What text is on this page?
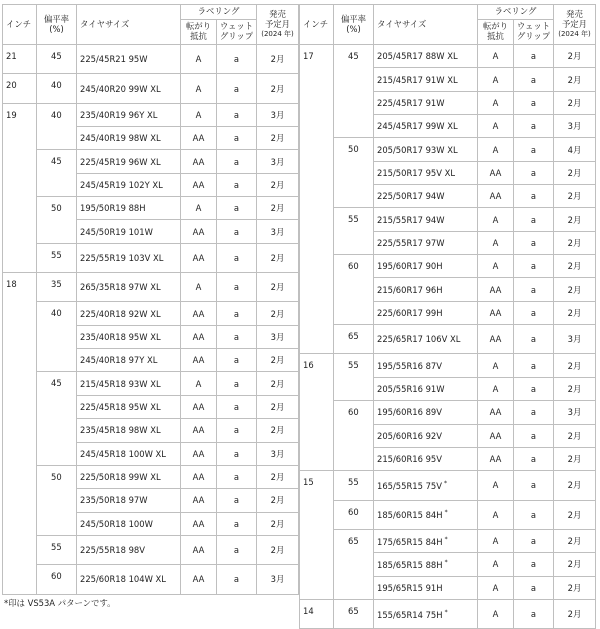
インチ	偏平率
(%)	タイヤサイズ	ラベリング		発売
予定月
(2024 年)
			転がり
抵抗	ウェット
グリップ	
21	45	225/45R21 95W	A	a	2月
20	40	245/40R20 99W XL	A	a	2月
19	40	235/40R19 96Y XL	A	a	3月
		245/40R19 98W XL	AA	a	2月
	45	225/45R19 96W XL	AA	a	3月
		245/45R19 102Y XL	AA	a	2月
	50	195/50R19 88H	A	a	2月
		245/50R19 101W	AA	a	3月
	55	225/55R19 103V XL	AA	a	2月
18	35	265/35R18 97W XL	A	a	2月
	40	225/40R18 92W XL	AA	a	2月
		235/40R18 95W XL	AA	a	3月
		245/40R18 97Y XL	AA	a	2月
	45	215/45R18 93W XL	A	a	2月
		225/45R18 95W XL	AA	a	2月
		235/45R18 98W XL	AA	a	2月
		245/45R18 100W XL	AA	a	3月
	50	225/50R18 99W XL	AA	a	2月
		235/50R18 97W	AA	a	2月
		245/50R18 100W	AA	a	2月
	55	225/55R18 98V	AA	a	2月
	60	225/60R18 104W XL	AA	a	3月
インチ	偏平率
(%)	タイヤサイズ	ラベリング		発売
予定月
(2024 年)
			転がり
抵抗	ウェット
グリップ	
17	45	205/45R17 88W XL	A	a	2月
		215/45R17 91W XL	A	a	2月
		225/45R17 91W	A	a	2月
		245/45R17 99W XL	A	a	3月
	50	205/50R17 93W XL	A	a	4月
		215/50R17 95V XL	AA	a	2月
		225/50R17 94W	AA	a	2月
	55	215/55R17 94W	A	a	2月
		225/55R17 97W	A	a	2月
	60	195/60R17 90H	A	a	2月
		215/60R17 96H	AA	a	2月
		225/60R17 99H	AA	a	2月
	65	225/65R17 106V XL	AA	a	3月
16	55	195/55R16 87V	A	a	2月
		205/55R16 91W	A	a	2月
	60	195/60R16 89V	AA	a	3月
		205/60R16 92V	AA	a	2月
		215/60R16 95V	AA	a	2月
15	55	165/55R15 75V *	A	a	2月
	60	185/60R15 84H *	A	a	2月
	65	175/65R15 84H *	A	a	2月
		185/65R15 88H *	A	a	2月
		195/65R15 91H	A	a	2月
14	65	155/65R14 75H *	A	a	2月
*印は VS53A パターンです。
